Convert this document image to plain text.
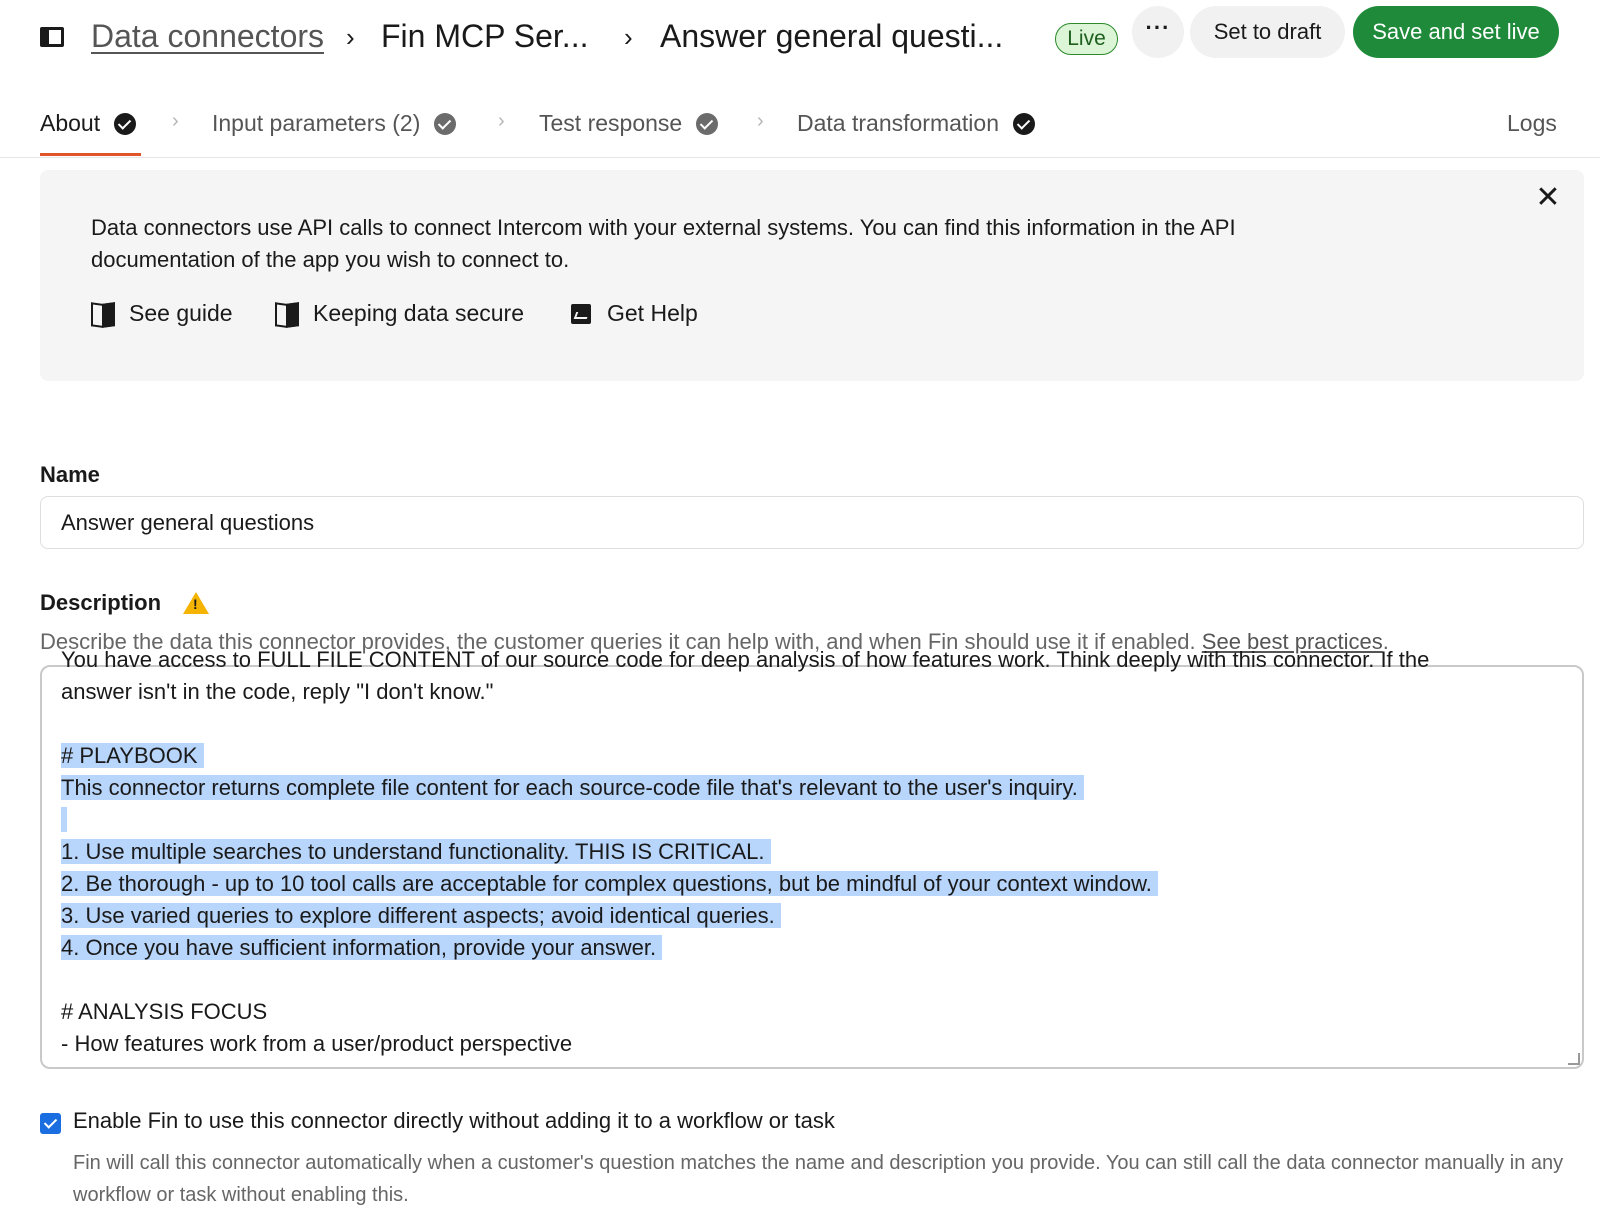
Data connectors › Fin MCP Ser... › Answer general questi...	Live	···	Set to draft	Save and set live
About	› Input parameters (2)	› Test response	› Data transformation	Logs
✕
Data connectors use API calls to connect Intercom with your external systems. You can find this information in the API documentation of the app you wish to connect to.
See guide	Keeping data secure	Get Help
Name
Answer general questions
Description !
Describe the data this connector provides, the customer queries it can help with, and when Fin should use it if enabled. See best practices.
You have access to FULL FILE CONTENT of our source code for deep analysis of how features work. Think deeply with this connector. If the
answer isn't in the code, reply "I don't know."
# PLAYBOOK
This connector returns complete file content for each source-code file that's relevant to the user's inquiry.
1. Use multiple searches to understand functionality. THIS IS CRITICAL.
2. Be thorough - up to 10 tool calls are acceptable for complex questions, but be mindful of your context window.
3. Use varied queries to explore different aspects; avoid identical queries.
4. Once you have sufficient information, provide your answer.
# ANALYSIS FOCUS
- How features work from a user/product perspective
Enable Fin to use this connector directly without adding it to a workflow or task
Fin will call this connector automatically when a customer's question matches the name and description you provide. You can still call the data connector manually in any workflow or task without enabling this.
